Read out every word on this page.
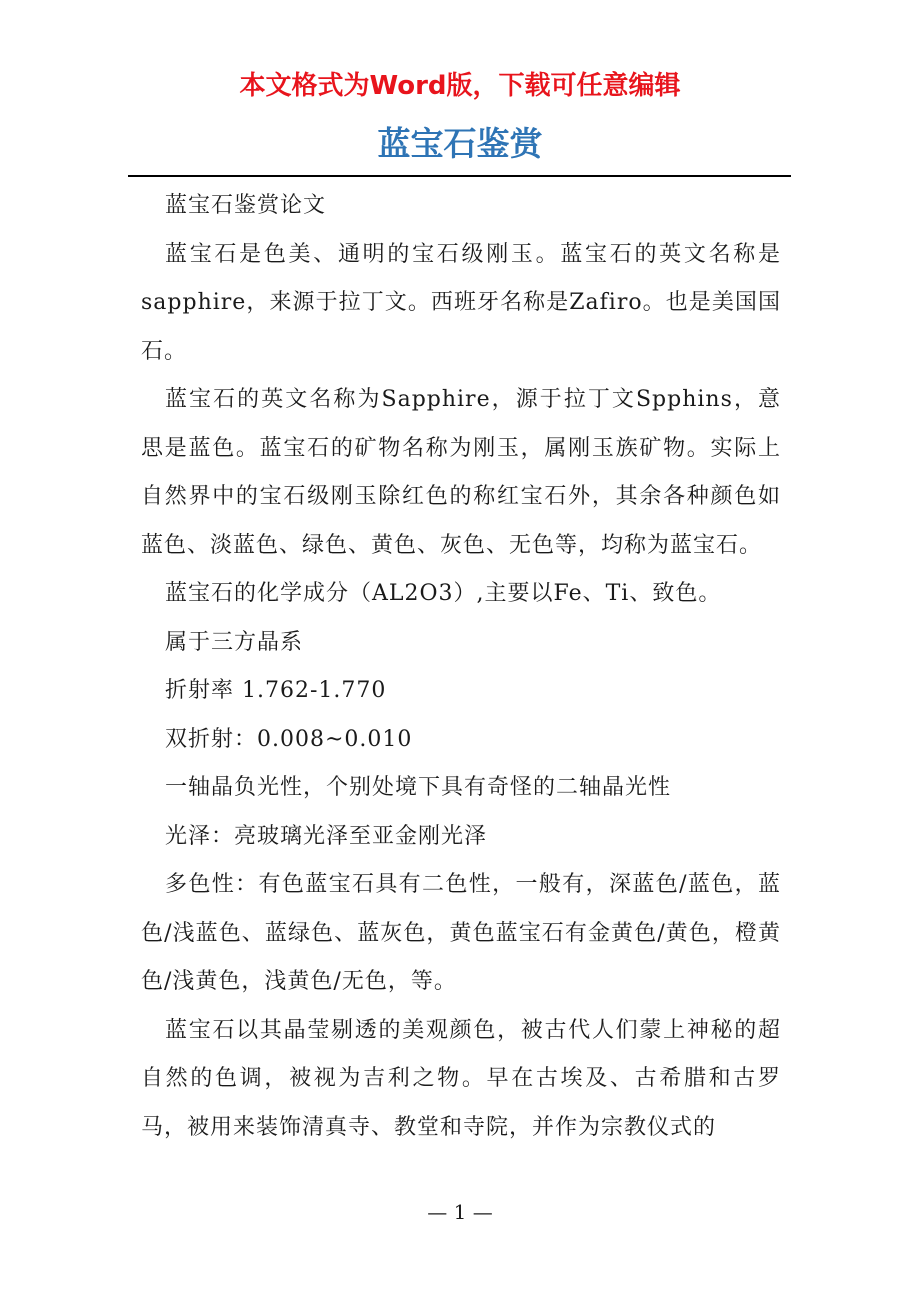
本文格式为Word版，下载可任意编辑
蓝宝石鉴赏

蓝宝石鉴赏论文

蓝宝石是色美、通明的宝石级刚玉。蓝宝石的英文名称是sapphire，来源于拉丁文。西班牙名称是Zafiro。也是美国国石。

蓝宝石的英文名称为Sapphire，源于拉丁文Spphins，意思是蓝色。蓝宝石的矿物名称为刚玉，属刚玉族矿物。实际上自然界中的宝石级刚玉除红色的称红宝石外，其余各种颜色如蓝色、淡蓝色、绿色、黄色、灰色、无色等，均称为蓝宝石。

蓝宝石的化学成分（AL2O3）,主要以Fe、Ti、致色。

属于三方晶系

折射率 1.762-1.770

双折射：0.008~0.010

一轴晶负光性，个别处境下具有奇怪的二轴晶光性

光泽：亮玻璃光泽至亚金刚光泽

多色性：有色蓝宝石具有二色性，一般有，深蓝色/蓝色，蓝色/浅蓝色、蓝绿色、蓝灰色，黄色蓝宝石有金黄色/黄色，橙黄色/浅黄色，浅黄色/无色，等。

蓝宝石以其晶莹剔透的美观颜色，被古代人们蒙上神秘的超自然的色调，被视为吉利之物。早在古埃及、古希腊和古罗马，被用来装饰清真寺、教堂和寺院，并作为宗教仪式的

— 1 —
